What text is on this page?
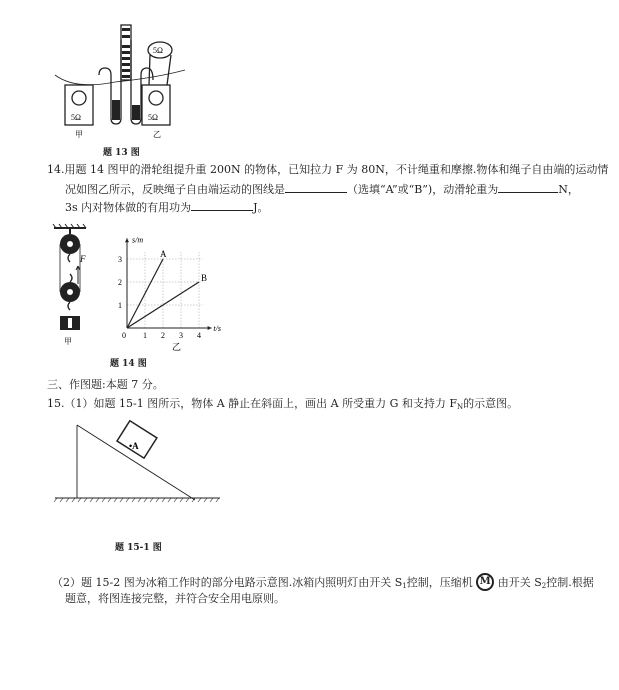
5Ω	5Ω
5Ω
甲	乙
题 13 图
14.用题 14 图甲的滑轮组提升重 200N 的物体，已知拉力 F 为 80N，不计绳重和摩擦.物体和绳子自由端的运动情
况如图乙所示，反映绳子自由端运动的图线是	（选填“A”或“B”)，动滑轮重为	N，
3s 内对物体做的有用功为	J。
F
甲
0 1 2 3 4
1
2
3
s/m
t/s
A
B
乙
题 14 图
三、作图题:本题 7 分。
15.（1）如题 15-1 图所示，物体 A 静止在斜面上，画出 A 所受重力 G 和支持力 $F_N$的示意图。
•A
题 15-1 图
（2）题 15-2 图为冰箱工作时的部分电路示意图.冰箱内照明灯由开关 $S_1$控制，压缩机 M 由开关 $S_2$控制.根据
题意，将图连接完整，并符合安全用电原则。
